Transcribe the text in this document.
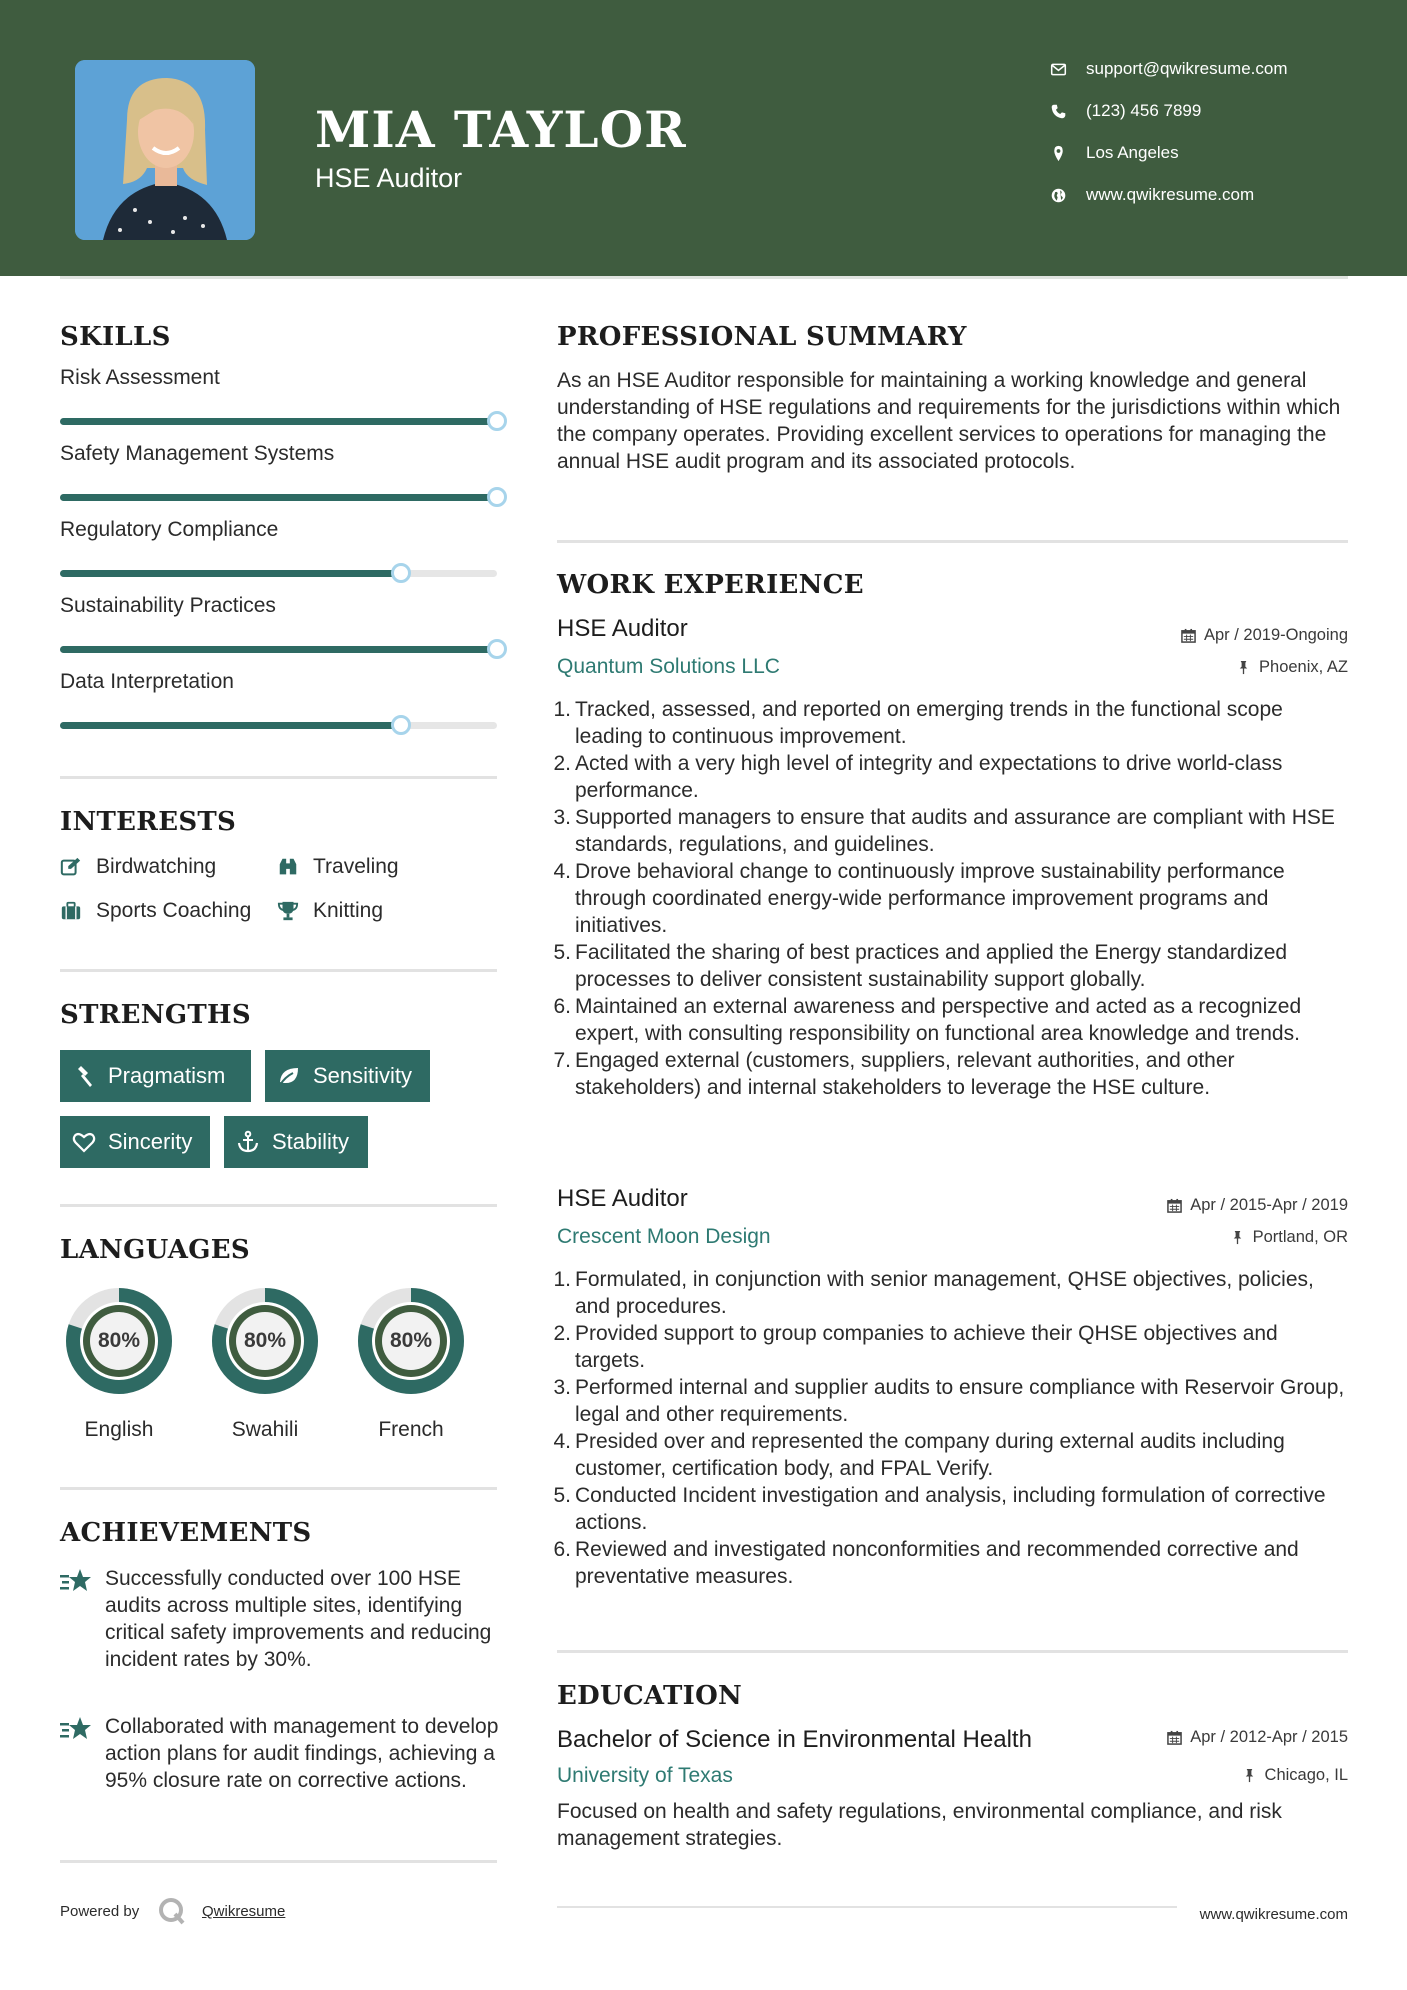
MIA TAYLOR
HSE Auditor
support@qwikresume.com
(123) 456 7899
Los Angeles
www.qwikresume.com
SKILLS
Risk Assessment
Safety Management Systems
Regulatory Compliance
Sustainability Practices
Data Interpretation
INTERESTS
Birdwatching	Traveling
Sports Coaching	Knitting
STRENGTHS
Pragmatism	Sensitivity
Sincerity	Stability
LANGUAGES
80%
English
80%
Swahili
80%
French
ACHIEVEMENTS
Successfully conducted over 100 HSE audits across multiple sites, identifying critical safety improvements and reducing incident rates by 30%.
Collaborated with management to develop action plans for audit findings, achieving a 95% closure rate on corrective actions.
PROFESSIONAL SUMMARY
As an HSE Auditor responsible for maintaining a working knowledge and general understanding of HSE regulations and requirements for the jurisdictions within which the company operates. Providing excellent services to operations for managing the annual HSE audit program and its associated protocols.
WORK EXPERIENCE
HSE Auditor	Apr / 2019-Ongoing
Quantum Solutions LLC	Phoenix, AZ
1. Tracked, assessed, and reported on emerging trends in the functional scope leading to continuous improvement.
2. Acted with a very high level of integrity and expectations to drive world-class performance.
3. Supported managers to ensure that audits and assurance are compliant with HSE standards, regulations, and guidelines.
4. Drove behavioral change to continuously improve sustainability performance through coordinated energy-wide performance improvement programs and initiatives.
5. Facilitated the sharing of best practices and applied the Energy standardized processes to deliver consistent sustainability support globally.
6. Maintained an external awareness and perspective and acted as a recognized expert, with consulting responsibility on functional area knowledge and trends.
7. Engaged external (customers, suppliers, relevant authorities, and other stakeholders) and internal stakeholders to leverage the HSE culture.
HSE Auditor	Apr / 2015-Apr / 2019
Crescent Moon Design	Portland, OR
1. Formulated, in conjunction with senior management, QHSE objectives, policies, and procedures.
2. Provided support to group companies to achieve their QHSE objectives and targets.
3. Performed internal and supplier audits to ensure compliance with Reservoir Group, legal and other requirements.
4. Presided over and represented the company during external audits including customer, certification body, and FPAL Verify.
5. Conducted Incident investigation and analysis, including formulation of corrective actions.
6. Reviewed and investigated nonconformities and recommended corrective and preventative measures.
EDUCATION
Bachelor of Science in Environmental Health	Apr / 2012-Apr / 2015
University of Texas	Chicago, IL
Focused on health and safety regulations, environmental compliance, and risk management strategies.
Powered by	Qwikresume	www.qwikresume.com
